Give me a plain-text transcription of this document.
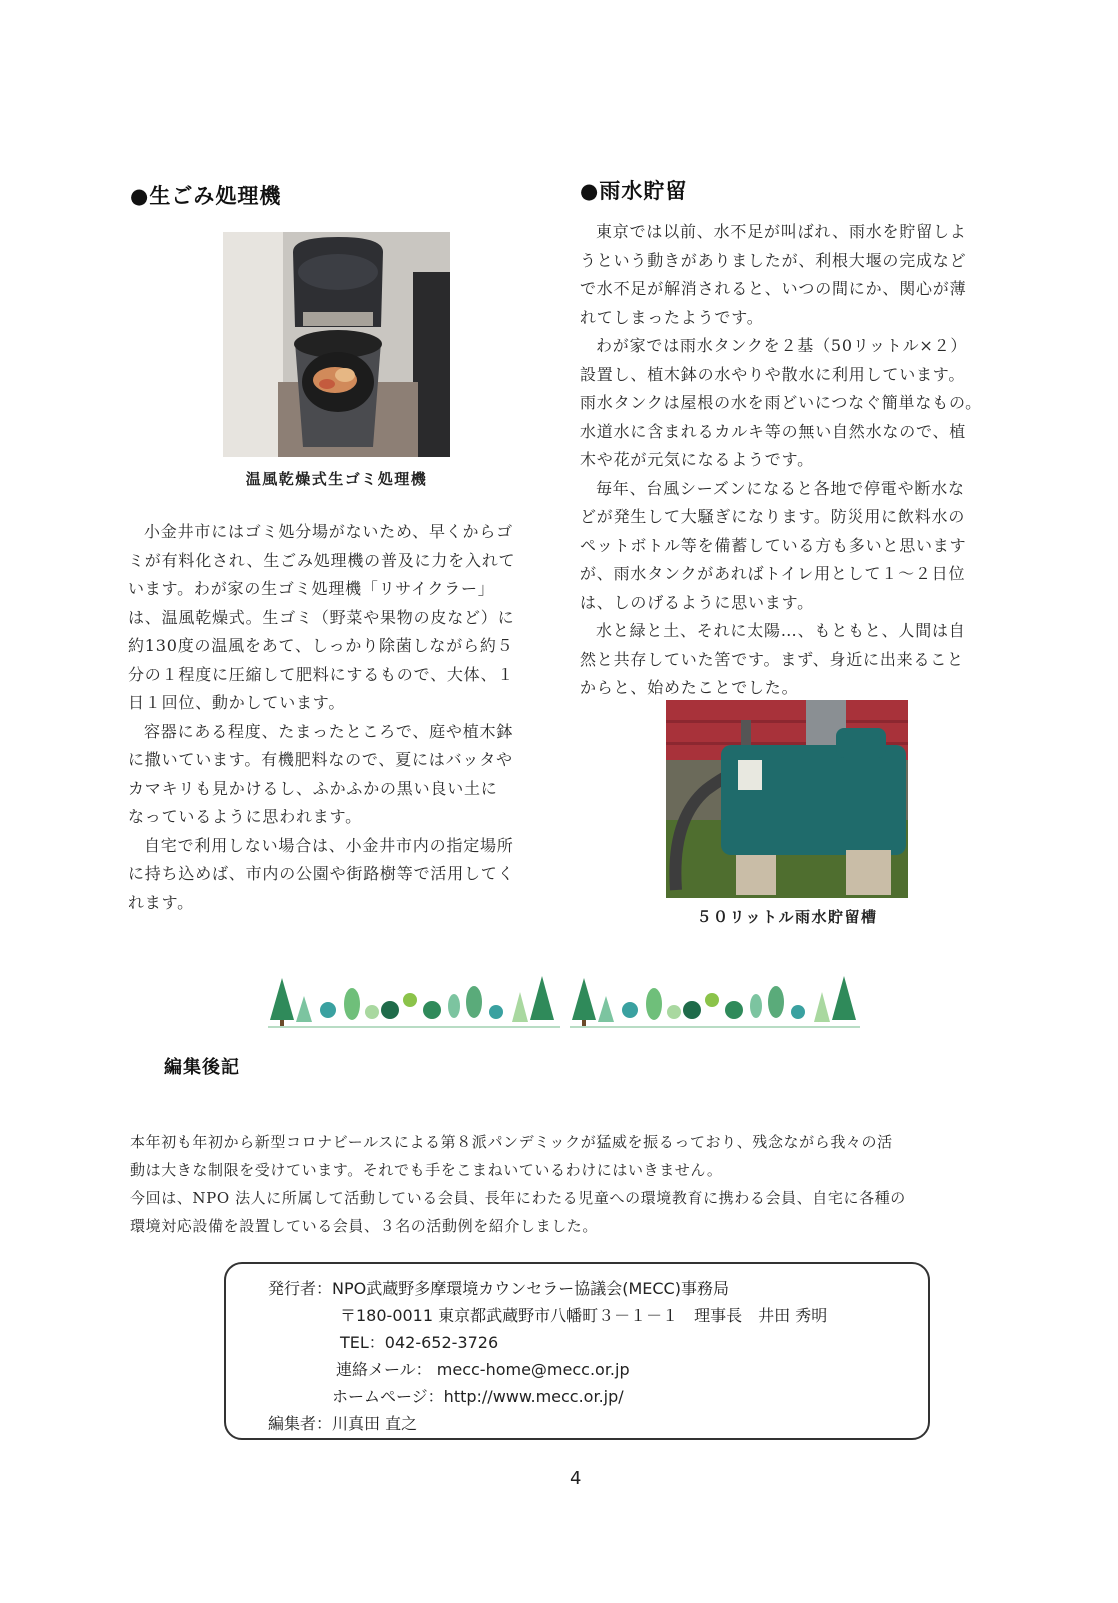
●生ごみ処理機
温風乾燥式生ゴミ処理機

小金井市にはゴミ処分場がないため、早くからゴ
ミが有料化され、生ごみ処理機の普及に力を入れて
います。わが家の生ゴミ処理機「リサイクラー」
は、温風乾燥式。生ゴミ（野菜や果物の皮など）に
約130度の温風をあて、しっかり除菌しながら約５
分の１程度に圧縮して肥料にするもので、大体、１
日１回位、動かしています。

容器にある程度、たまったところで、庭や植木鉢
に撒いています。有機肥料なので、夏にはバッタや
カマキリも見かけるし、ふかふかの黒い良い土に
なっているように思われます。

自宅で利用しない場合は、小金井市内の指定場所
に持ち込めば、市内の公園や街路樹等で活用してく
れます。

●雨水貯留

東京では以前、水不足が叫ばれ、雨水を貯留しよ
うという動きがありましたが、利根大堰の完成など
で水不足が解消されると、いつの間にか、関心が薄
れてしまったようです。

わが家では雨水タンクを２基（50リットル×２）
設置し、植木鉢の水やりや散水に利用しています。
雨水タンクは屋根の水を雨どいにつなぐ簡単なもの。
水道水に含まれるカルキ等の無い自然水なので、植
木や花が元気になるようです。

毎年、台風シーズンになると各地で停電や断水な
どが発生して大騒ぎになります。防災用に飲料水の
ペットボトル等を備蓄している方も多いと思います
が、雨水タンクがあればトイレ用として１～２日位
は、しのげるように思います。

水と緑と土、それに太陽…、もともと、人間は自
然と共存していた筈です。まず、身近に出来ること
からと、始めたことでした。

５０リットル雨水貯留槽
編集後記
本年初も年初から新型コロナビールスによる第８派パンデミックが猛威を振るっており、残念ながら我々の活
動は大きな制限を受けています。それでも手をこまねいているわけにはいきません。
今回は、NPO 法人に所属して活動している会員、長年にわたる児童への環境教育に携わる会員、自宅に各種の
環境対応設備を設置している会員、３名の活動例を紹介しました。
発行者：NPO武蔵野多摩環境カウンセラー協議会(MECC)事務局
〒180-0011 東京都武蔵野市八幡町３－１－１　理事長　井田 秀明
TEL：042-652-3726
連絡メール： mecc-home@mecc.or.jp
ホームページ：http://www.mecc.or.jp/
編集者：川真田 直之
4
